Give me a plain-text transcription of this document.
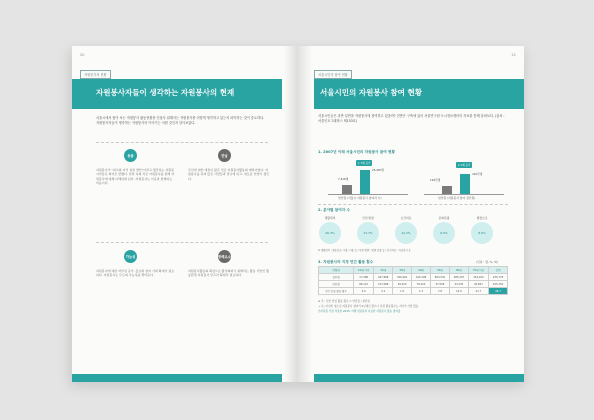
20
자원봉사의 현황
자원봉사자들이 생각하는 자원봉사의 현재
서울시에서 찾아 보는 자원봉사 활동현황을 인물사 위해서는 자원봉사를 어떻게 생각하고 있는지 파악하는 것이 중요하다. 자원봉사자들이 생각하는 자원봉사의 이야기는 어떤 것인지 알아보았다.
동참
자원봉사가 "최고의 지식 실천 방안"이라고 생각하는 자원봉사자들은 의미로 말했다. 일상 속의 작은 자원봉사를 통해 자원봉사에 대해 이해하게 된다. 자원봉사는 이웃과 함께하는 마음이다.
만남
주신에 대한 애정이 많은 것은 자원봉사활동의 매력이었다. 자원봉사를 하며 많은 사람들과 만나게 되고, 새로운 인연이 생긴다.
가능성
자원봉사에 대한 자부심 증가, 홍보와 참여 기회 확대가 필요하다. 자원봉사는 모두의 가능성을 열어준다.
방해요소
자원봉사활동의 확장으로 활성화되기 위해서는 활동 기반인 활동환경 자원봉사 인프라 확대가 필요하다.
21
서울시민의 참여 현황
서울시민의 자원봉사 참여 현황
서울시민들은 과반 일반을 자원봉사에 참여하고 있을까? 전반은 구축에 있어 서울연구원 도시정보센터의 자료를 통해 살펴보다. (출처 : 서울인포그래픽스 제153호)
1. 2007년 이래 서울시민의 자원봉사 참여 현황
7,418명
25,487명
1.7배 증가
연인원 (서울시 자원봉사 참여자 수)
193만명
410만명
2.1배 증가
일인원 (자원봉사 참여 실인원)
2. 분야별 참여자 수
생활편의
26.3%
안전·방범
13.7%
보건의료
12.2%
문화관광
6.9%
행정보조
8.0%
※ 생활편의 : 활동보조, 미용, 이용 등 / 안전·방범 : 방범 순찰 등 / 보건의료 : 의료봉사 등
3. 자원봉사자 지정 연간 활동 횟수	(단위 : 명, %, 회)
연령대	10대 이하	20대	30대	40대	50대	60대	70대 이상	합계
실인원	17,288	407,988	326,420	100,198	803,532	485,470	454,160	230,778
연인원	86,121	217,088	56,915	78,425	57,558	33,235	20,847	525,150
연간 인당 활동 횟수	5.0	2.1	1.5	1.3	7.8	14.0	21.7	26.7
※ 주 : 인산 인입 활동 횟수 = 연인원 / 실인원
→ 년~이내인 청소년 자원봉사 참여가 2년대로 많으나 지정 활동횟수는 지어가 가장 많음
인자원봉 가장 적용한 2015, 자체 청년봉의 자료한 자원봉사 활동 참여율
